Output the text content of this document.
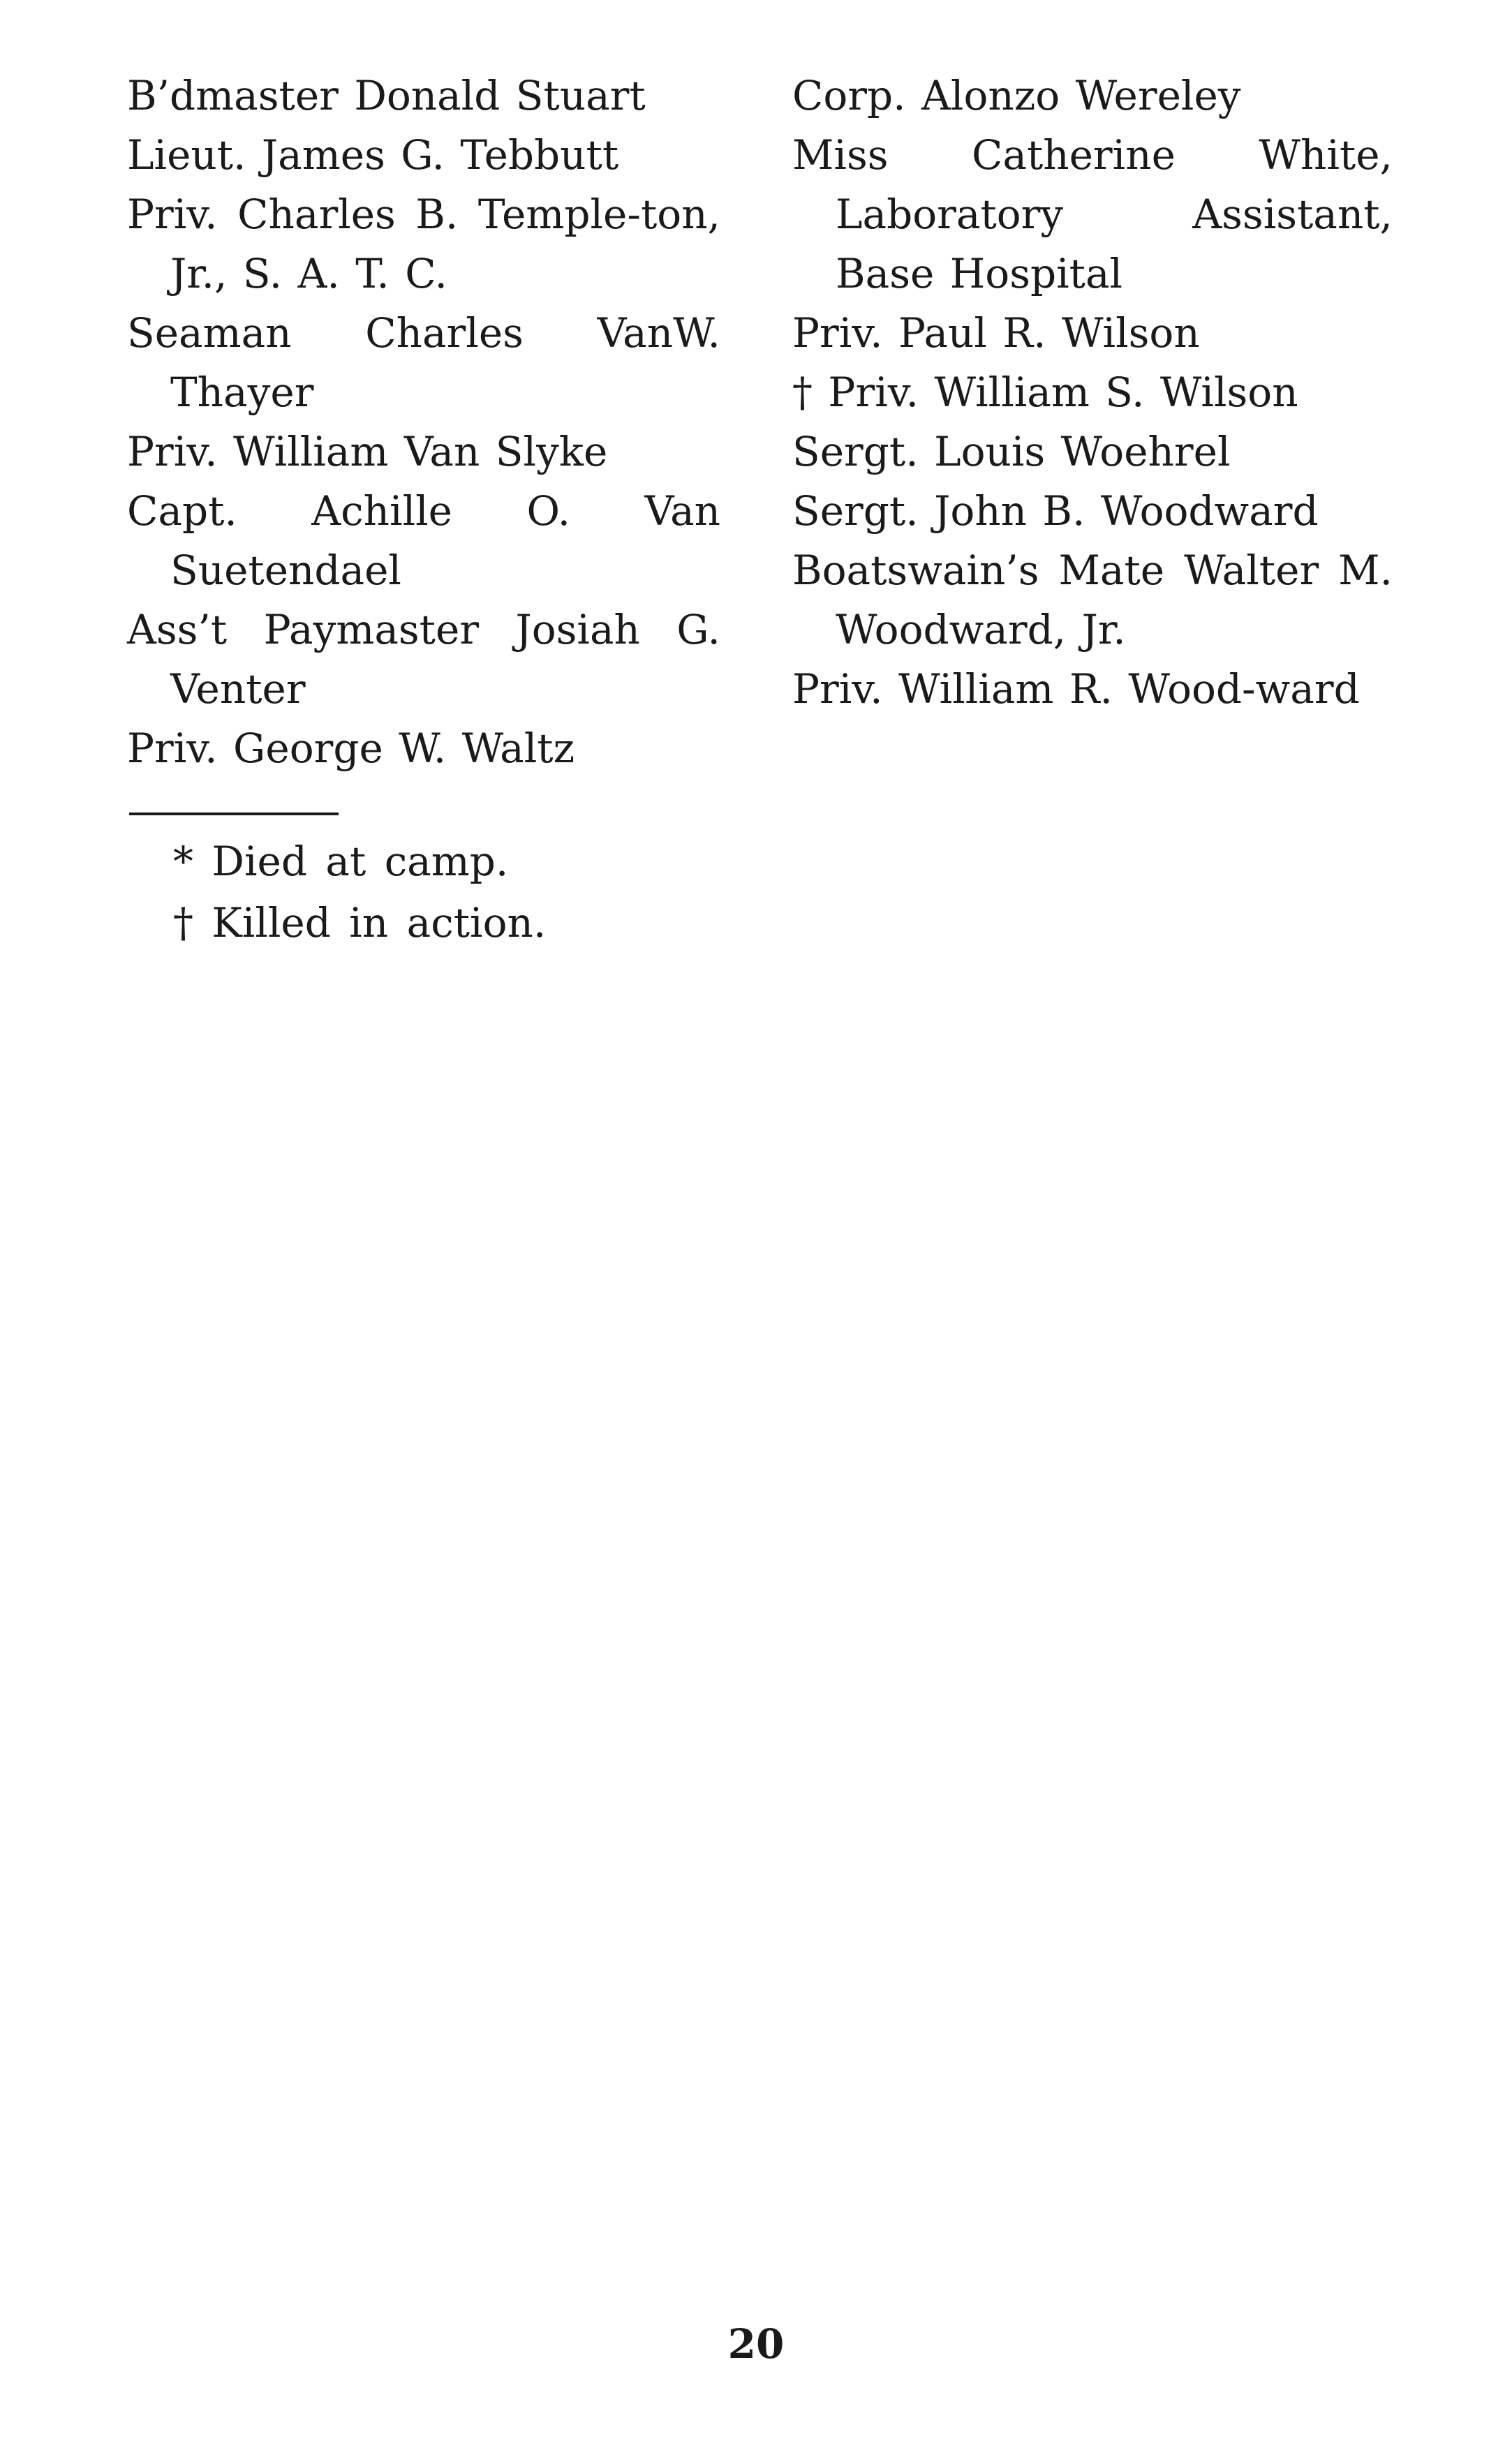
B’dmaster Donald Stuart

Lieut. James G. Tebbutt

Priv. Charles B. Temple-ton, Jr., S. A. T. C.

Seaman Charles VanW. Thayer

Priv. William Van Slyke

Capt. Achille O. Van Suetendael

Ass’t Paymaster Josiah G. Venter

Priv. George W. Waltz

Corp. Alonzo Wereley

Miss Catherine White, Laboratory Assistant, Base Hospital

Priv. Paul R. Wilson

† Priv. William S. Wilson

Sergt. Louis Woehrel

Sergt. John B. Woodward

Boatswain’s Mate Walter M. Woodward, Jr.

Priv. William R. Wood-ward

* Died at camp.

† Killed in action.

20
